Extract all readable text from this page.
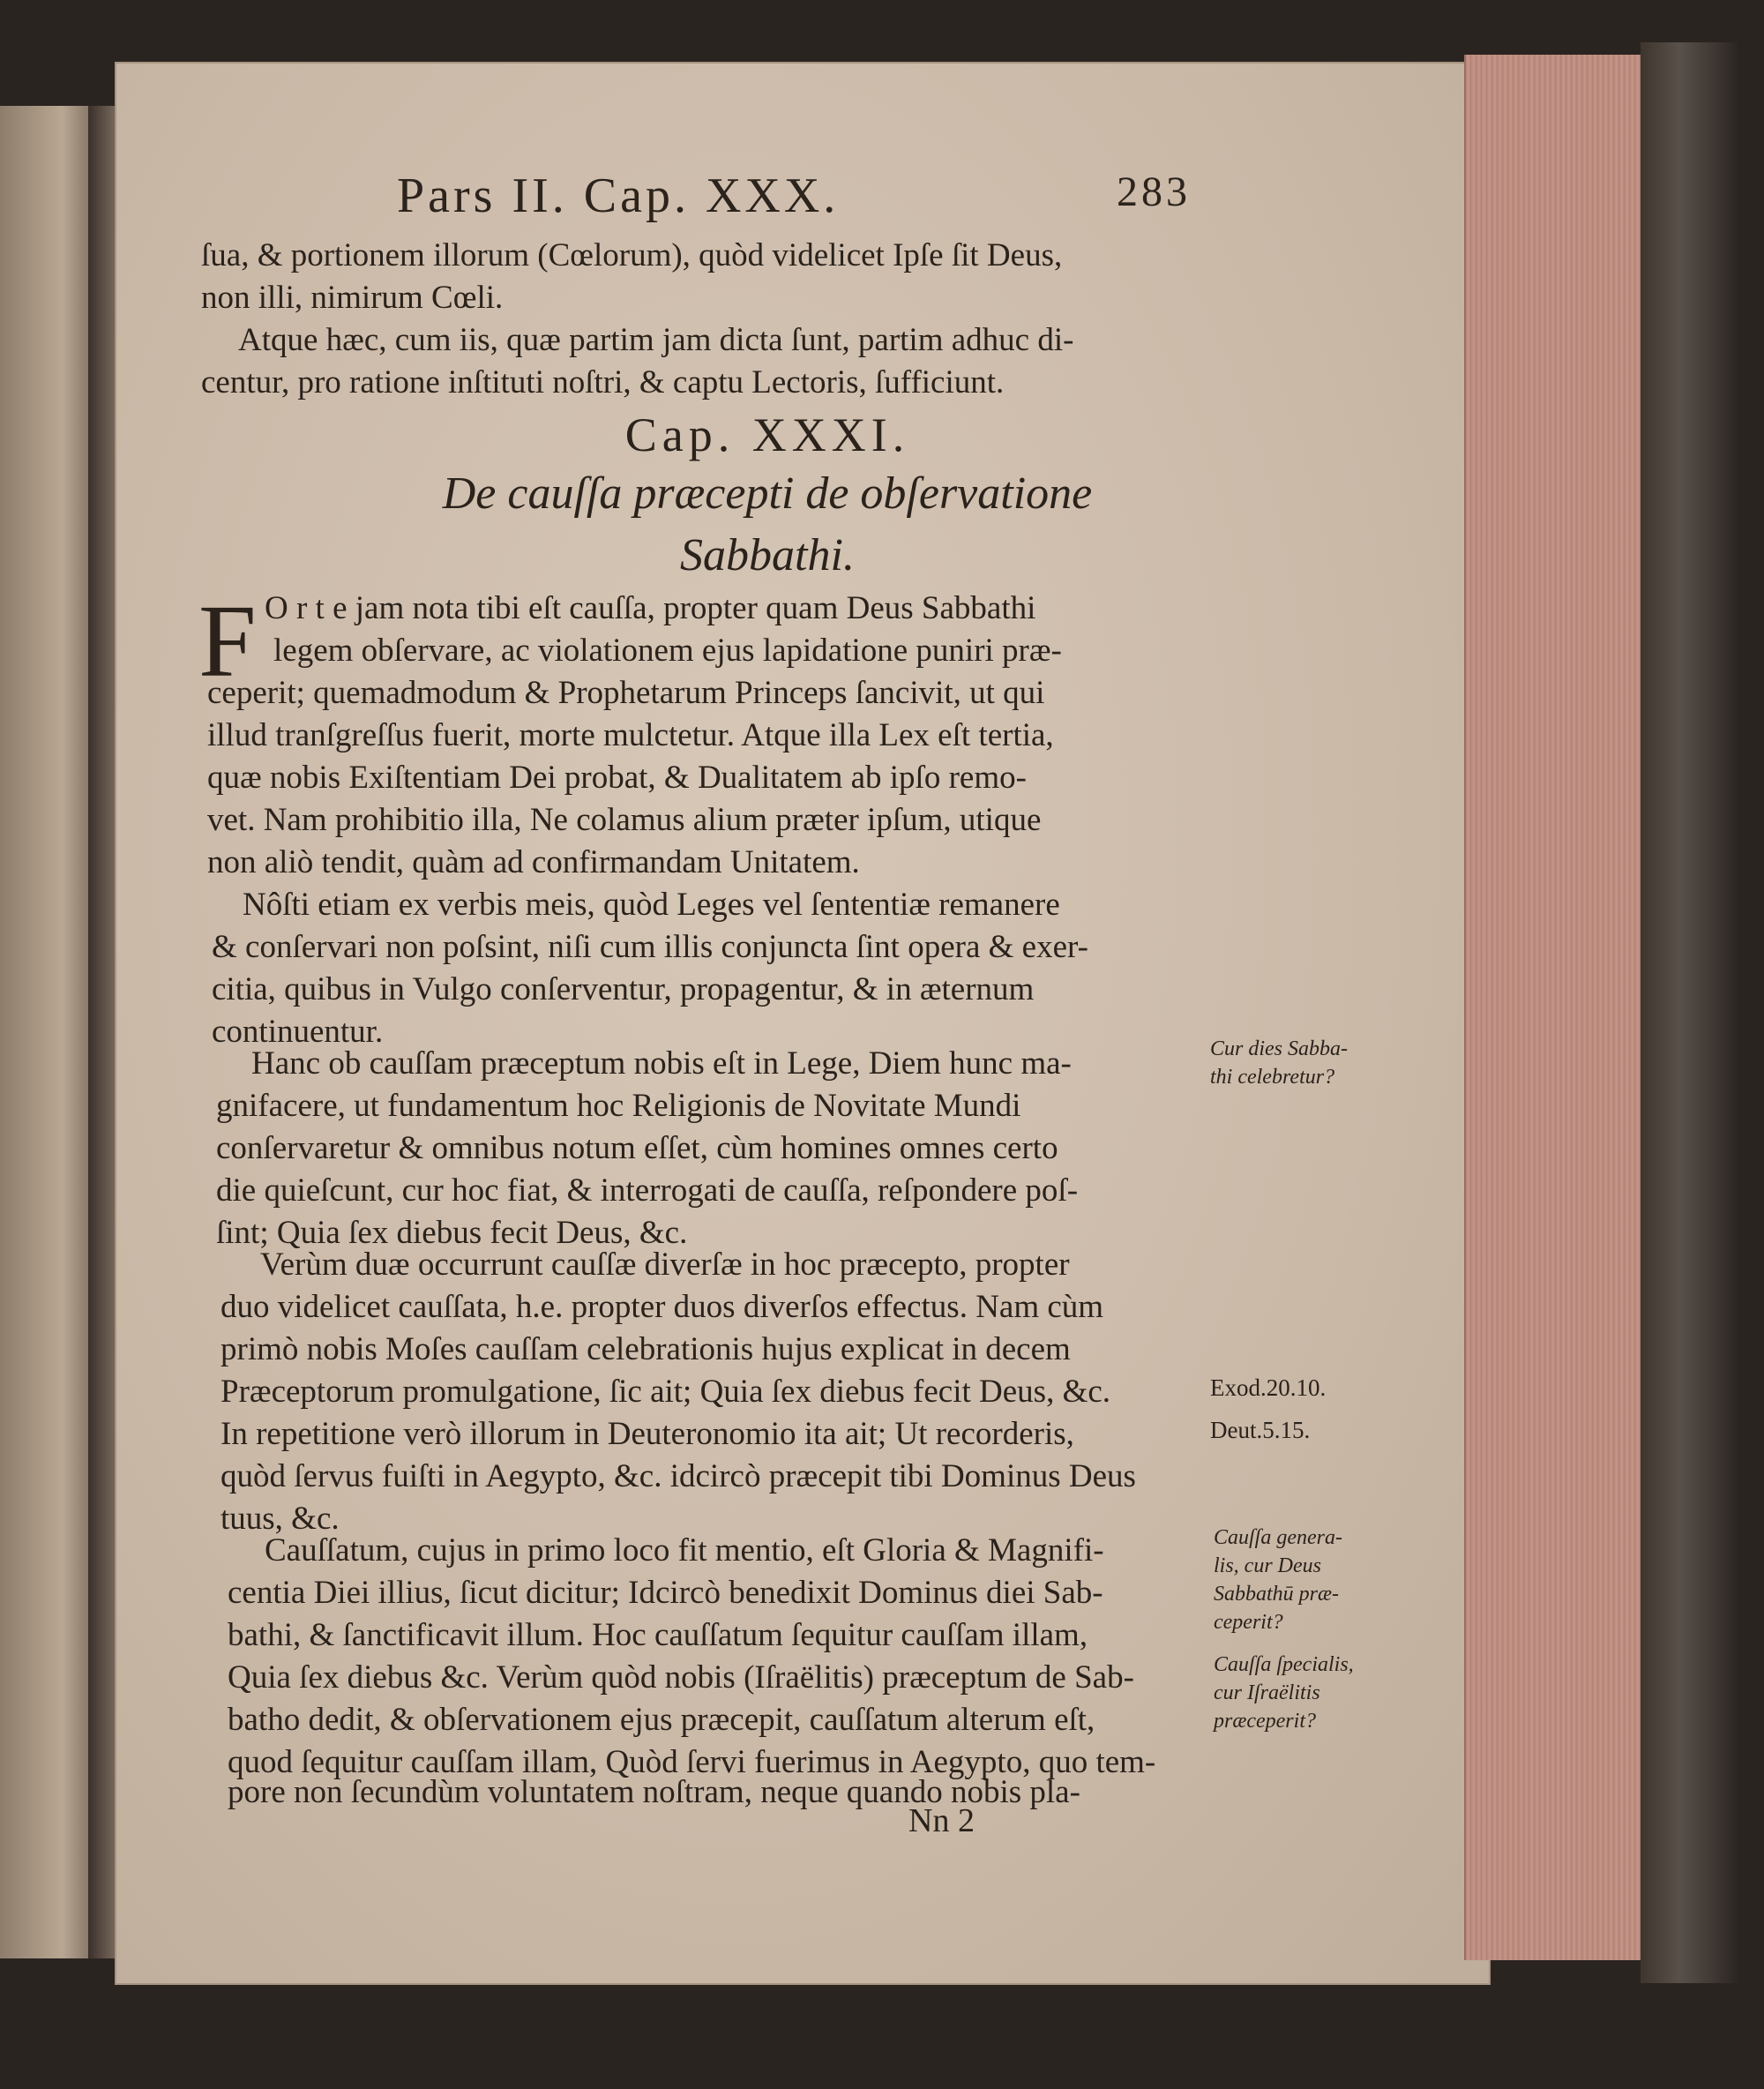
Pars II. Cap. XXX.	283
ſua, & portionem illorum (Cœlorum), quòd videlicet Ipſe ſit Deus,
non illi, nimirum Cœli.
Atque hæc, cum iis, quæ partim jam dicta ſunt, partim adhuc di-
centur, pro ratione inſtituti noſtri, & captu Lectoris, ſufficiunt.
Cap. XXXI.
De cauſſa præcepti de obſervatione
Sabbathi.
F O r t e jam nota tibi eſt cauſſa, propter quam Deus Sabbathi
legem obſervare, ac violationem ejus lapidatione puniri præ-
ceperit; quemadmodum & Prophetarum Princeps ſancivit, ut qui
illud tranſgreſſus fuerit, morte mulctetur. Atque illa Lex eſt tertia,
quæ nobis Exiſtentiam Dei probat, & Dualitatem ab ipſo remo-
vet. Nam prohibitio illa, Ne colamus alium præter ipſum, utique
non aliò tendit, quàm ad confirmandam Unitatem.
Nôſti etiam ex verbis meis, quòd Leges vel ſententiæ remanere
& conſervari non poſsint, niſi cum illis conjuncta ſint opera & exer-
citia, quibus in Vulgo conſerventur, propagentur, & in æternum
continuentur.
Hanc ob cauſſam præceptum nobis eſt in Lege, Diem hunc ma-
gnifacere, ut fundamentum hoc Religionis de Novitate Mundi
conſervaretur & omnibus notum eſſet, cùm homines omnes certo
die quieſcunt, cur hoc fiat, & interrogati de cauſſa, reſpondere poſ-
ſint; Quia ſex diebus fecit Deus, &c.
Verùm duæ occurrunt cauſſæ diverſæ in hoc præcepto, propter
duo videlicet cauſſata, h.e. propter duos diverſos effectus. Nam cùm
primò nobis Moſes cauſſam celebrationis hujus explicat in decem
Præceptorum promulgatione, ſic ait; Quia ſex diebus fecit Deus, &c.
In repetitione verò illorum in Deuteronomio ita ait; Ut recorderis,
quòd ſervus fuiſti in Aegypto, &c. idcircò præcepit tibi Dominus Deus
tuus, &c.
Cauſſatum, cujus in primo loco fit mentio, eſt Gloria & Magnifi-
centia Diei illius, ſicut dicitur; Idcircò benedixit Dominus diei Sab-
bathi, & ſanctificavit illum. Hoc cauſſatum ſequitur cauſſam illam,
Quia ſex diebus &c. Verùm quòd nobis (Iſraëlitis) præceptum de Sab-
batho dedit, & obſervationem ejus præcepit, cauſſatum alterum eſt,
quod ſequitur cauſſam illam, Quòd ſervi fuerimus in Aegypto, quo tem-
pore non ſecundùm voluntatem noſtram, neque quando nobis pla-
Cur dies Sabba-
thi celebretur?
Exod.20.10.
Deut.5.15.
Cauſſa genera-
lis, cur Deus
Sabbathū præ-
ceperit?
Cauſſa ſpecialis,
cur Iſraëlitis
præceperit?
Nn 2
